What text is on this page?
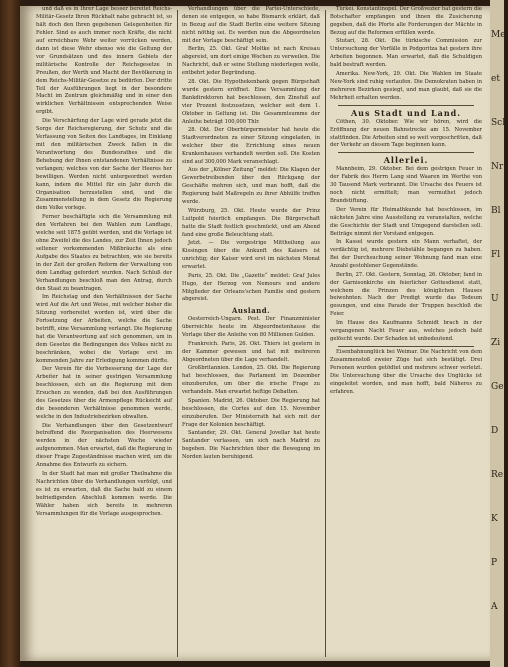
und daß es in Ihrer Lage besser bereitet Reichs-Militär-Gesetz Ihren Rückhalt nahe gebracht ist, so hält doch den Ihren gegebenen Gelegenheiten für Fehler. Sind es auch immer noch Kräfte, die nicht auf erreichbare Wehr weiter vorrücken werden, dann ist diese Wehr ebenso wie die Geltung der vor Grundsätzen und des innern Gebiets der militärische Kontrolle der Reichsgesetze in Preußen, der Werth und Macht der Bevölkerung in dem Reichs-Militär-Gesetze zu bedürfen. Der dritte Teil der Ausführungen liegt in der besondere Macht im Zentrum gleichmäßig und in einer den wirklichen Verhältnissen entsprechenden Weise ergibt.

Die Verschärfung der Lage wird gerade jetzt die Sorge der Reichsregierung, der Schutz und die Verfassung von Seiten des Landtages, im Einklang mit den militärischen Zweck fallen in die Verantwortung des Bundesrathes und die Behebung der Ihnen entstandenen Verhältnisse zu verlangen; welches von der Sache der Heeres her bewilligen. Werden nicht untergeordnet werden kann, indem die Mittel für ein Jahr durch die Organisation herzustellen sind, und die Zusammenstellung in dem Gesetz die Regierung dem Volke vorlege.

Ferner beschäftigte sich die Versammlung mit den Verfahren bei den Wahlen zum Landtage, welche seit 1875 geübt werden, und die Vorlage ist ohne Zweifel die des Landes, zur Zeit Ihnen jedoch seltener vorkommenden Mißbräuche als eine Aufgabe des Staates zu betrachten, wie sie bereits in der Zeit der großen Reform der Verwaltung von dem Landtag gefordert wurden. Nach Schluß der Verhandlungen beschloß man den Antrag, durch den Staat zu beantragen.

Im Reichstag und den Verhältnissen der Sache wird Auf die Art und Weise, mit welcher bisher die Sitzung vorbereitet worden ist, wird über die Fortsetzung der Arbeiten, welche die Sache betrifft, eine Versammlung verlangt. Die Regierung hat die Verantwortung auf sich genommen, um in dem Gesetze die Bedingungen des Volkes nicht zu beschränken, wobei die Vorlage erst im kommenden Jahre zur Erledigung kommen dürfte.

Der Verein für die Verbesserung der Lage der Arbeiter hat in seiner gestrigen Versammlung beschlossen, sich an die Regierung mit dem Ersuchen zu wenden, daß bei den Ausführungen des Gesetzes über die Armenpflege Rücksicht auf die besonderen Verhältnisse genommen werde, welche in den Industriebezirken obwalten.

Die Verhandlungen über den Gesetzentwurf betreffend die Reorganisation des Heerwesens werden in der nächsten Woche wieder aufgenommen. Man erwartet, daß die Regierung in dieser Frage Zugeständnisse machen wird, um die Annahme des Entwurfs zu sichern.

In der Stadt hat man mit großer Theilnahme die Nachrichten über die Verhandlungen verfolgt, und es ist zu erwarten, daß die Sache bald zu einem befriedigenden Abschluß kommen werde. Die Wähler haben sich bereits in mehreren Versammlungen für die Vorlage ausgesprochen.

Verhandlungen über die Partei-Unterschiede, denen sie entgegen, so habe Bismarck erklärt, daß in Bezug auf die Stadt Berlin eine weitere Sitzung nicht nöthig sei. Es werden nun die Abgeordneten mit der Vorlage beschäftigt sein.

Berlin, 25. Okt. Graf Moltke ist nach Kreisau abgereist, um dort einige Wochen zu verweilen. Die Nachricht, daß er seine Stellung niederlegen wolle, entbehrt jeder Begründung.

28. Okt. Die Hypothekenbank gegen Bürgschaft wurde gestern eröffnet. Eine Versammlung der Bankdirektoren hat beschlossen, den Zinsfuß auf vier Prozent festzusetzen, welcher seit dem 1. Oktober in Geltung ist. Die Gesammtsumme der Anleihe beträgt 100,000 Thlr.

28. Okt. Der Oberbürgermeister hat heute die Stadtverordneten zu einer Sitzung eingeladen, in welcher über die Errichtung eines neuen Krankenhauses verhandelt werden soll. Die Kosten sind auf 300,000 Mark veranschlagt.

Aus der „Kölner Zeitung“ meldet: Die Klagen der Gewerbetreibenden über den Rückgang der Geschäfte mehren sich, und man hofft, daß die Regierung bald Maßregeln zu ihrer Abhülfe treffen werde.

Würzburg, 25. Okt. Heute wurde der Prinz Luitpold feierlich empfangen. Die Bürgerschaft hatte die Stadt festlich geschmückt, und am Abend fand eine große Beleuchtung statt.

Jetzt. — Die vorgestrige Mittheilung aus Kissingen über die Ankunft des Kaisers ist unrichtig; der Kaiser wird erst im nächsten Monat erwartet.

Paris, 25. Okt. Die „Gazette“ meldet: Graf Jules Hugo, der Herzog von Nemours und andere Mitglieder der Orleans'schen Familie sind gestern abgereist.

Ausland.

Oesterreich-Ungarn. Pest. Der Finanzminister überreichte heute im Abgeordnetenhause die Vorlage über die Anleihe von 80 Millionen Gulden.

Frankreich. Paris, 26. Okt. Thiers ist gestern in der Kammer gewesen und hat mit mehreren Abgeordneten über die Lage verhandelt.

Großbritannien. London, 25. Okt. Die Regierung hat beschlossen, das Parlament im Dezember einzuberufen, um über die irische Frage zu verhandeln. Man erwartet heftige Debatten.

Spanien. Madrid, 26. Oktober. Die Regierung hat beschlossen, die Cortes auf den 15. November einzuberufen. Der Ministerrath hat sich mit der Frage der Kolonien beschäftigt.

Santander, 29. Okt. General Jovellar hat heute Santander verlassen, um sich nach Madrid zu begeben. Die Nachrichten über die Bewegung im Norden lauten beruhigend.

Türkei. Konstantinopel. Der Großvezier hat gestern die Botschafter empfangen und ihnen die Zusicherung gegeben, daß die Pforte alle Forderungen der Mächte in Bezug auf die Reformen erfüllen werde.

Stutari, 28. Okt. Die türkische Commission zur Untersuchung der Vorfälle in Podgoritza hat gestern ihre Arbeiten begonnen. Man erwartet, daß die Schuldigen bald bestraft werden.

Amerika. New-York, 29. Okt. Die Wahlen im Staate New-York sind ruhig verlaufen. Die Demokraten haben in mehreren Bezirken gesiegt, und man glaubt, daß sie die Mehrheit erhalten werden.

Aus Stadt und Land.

Cöthen, 30. Oktober. Wie wir hören, wird die Eröffnung der neuen Bahnstrecke am 15. November stattfinden. Die Arbeiten sind so weit vorgeschritten, daß der Verkehr an diesem Tage beginnen kann.

Allerlei.

Mannheim, 29. Oktober. Bei dem gestrigen Feuer in der Fabrik des Herrn Lang sind Waaren im Werthe von 30 Tausend Mark verbrannt. Die Ursache des Feuers ist noch nicht ermittelt; man vermuthet jedoch Brandstiftung.

Der Verein für Heimathkunde hat beschlossen, im nächsten Jahre eine Ausstellung zu veranstalten, welche die Geschichte der Stadt und Umgegend darstellen soll. Beiträge nimmt der Vorstand entgegen.

In Kassel wurde gestern ein Mann verhaftet, der verdächtig ist, mehrere Diebstähle begangen zu haben. Bei der Durchsuchung seiner Wohnung fand man eine Anzahl gestohlener Gegenstände.

Berlin, 27. Okt. Gestern, Sonntag, 26. Oktober, fand in der Garnisonkirche ein feierlicher Gottesdienst statt, welchem die Prinzen des königlichen Hauses beiwohnten. Nach der Predigt wurde das Tedeum gesungen, und eine Parade der Truppen beschloß die Feier.

Im Hause des Kaufmanns Schmidt brach in der vergangenen Nacht Feuer aus, welches jedoch bald gelöscht wurde. Der Schaden ist unbedeutend.

Eisenbahnunglück bei Weimar. Die Nachricht von dem Zusammenstoß zweier Züge hat sich bestätigt. Drei Personen wurden getödtet und mehrere schwer verletzt. Die Untersuchung über die Ursache des Unglücks ist eingeleitet worden, und man hofft, bald Näheres zu erfahren.

Me
et
Sch
Nr
Bl
Fl
U
Zi
Ge
D
Re
K
P
A
